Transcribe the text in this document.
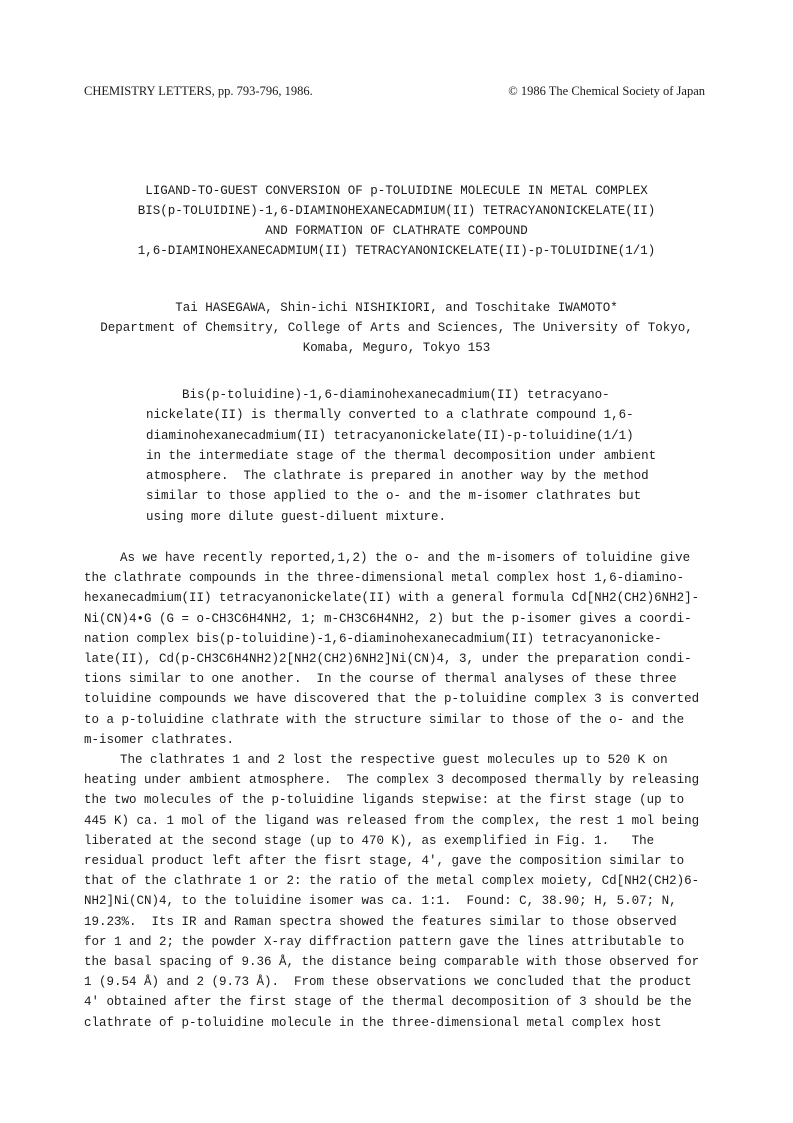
CHEMISTRY LETTERS, pp. 793-796, 1986.	© 1986 The Chemical Society of Japan
LIGAND-TO-GUEST CONVERSION OF p-TOLUIDINE MOLECULE IN METAL COMPLEX
BIS(p-TOLUIDINE)-1,6-DIAMINOHEXANECADMIUM(II) TETRACYANONICKELATE(II)
AND FORMATION OF CLATHRATE COMPOUND
1,6-DIAMINOHEXANECADMIUM(II) TETRACYANONICKELATE(II)-p-TOLUIDINE(1/1)
Tai HASEGAWA, Shin-ichi NISHIKIORI, and Toschitake IWAMOTO*
Department of Chemsitry, College of Arts and Sciences, The University of Tokyo,
Komaba, Meguro, Tokyo 153
Bis(p-toluidine)-1,6-diaminohexanecadmium(II) tetracyano-
nickelate(II) is thermally converted to a clathrate compound 1,6-
diaminohexanecadmium(II) tetracyanonickelate(II)-p-toluidine(1/1)
in the intermediate stage of the thermal decomposition under ambient
atmosphere.  The clathrate is prepared in another way by the method
similar to those applied to the o- and the m-isomer clathrates but
using more dilute guest-diluent mixture.
As we have recently reported,1,2) the o- and the m-isomers of toluidine give
the clathrate compounds in the three-dimensional metal complex host 1,6-diamino-
hexanecadmium(II) tetracyanonickelate(II) with a general formula Cd[NH2(CH2)6NH2]-
Ni(CN)4•G (G = o-CH3C6H4NH2, 1; m-CH3C6H4NH2, 2) but the p-isomer gives a coordi-
nation complex bis(p-toluidine)-1,6-diaminohexanecadmium(II) tetracyanonicke-
late(II), Cd(p-CH3C6H4NH2)2[NH2(CH2)6NH2]Ni(CN)4, 3, under the preparation condi-
tions similar to one another.  In the course of thermal analyses of these three
toluidine compounds we have discovered that the p-toluidine complex 3 is converted
to a p-toluidine clathrate with the structure similar to those of the o- and the
m-isomer clathrates.
The clathrates 1 and 2 lost the respective guest molecules up to 520 K on
heating under ambient atmosphere.  The complex 3 decomposed thermally by releasing
the two molecules of the p-toluidine ligands stepwise: at the first stage (up to
445 K) ca. 1 mol of the ligand was released from the complex, the rest 1 mol being
liberated at the second stage (up to 470 K), as exemplified in Fig. 1.   The
residual product left after the fisrt stage, 4', gave the composition similar to
that of the clathrate 1 or 2: the ratio of the metal complex moiety, Cd[NH2(CH2)6-
NH2]Ni(CN)4, to the toluidine isomer was ca. 1:1.  Found: C, 38.90; H, 5.07; N,
19.23%.  Its IR and Raman spectra showed the features similar to those observed
for 1 and 2; the powder X-ray diffraction pattern gave the lines attributable to
the basal spacing of 9.36 Å, the distance being comparable with those observed for
1 (9.54 Å) and 2 (9.73 Å).  From these observations we concluded that the product
4' obtained after the first stage of the thermal decomposition of 3 should be the
clathrate of p-toluidine molecule in the three-dimensional metal complex host
